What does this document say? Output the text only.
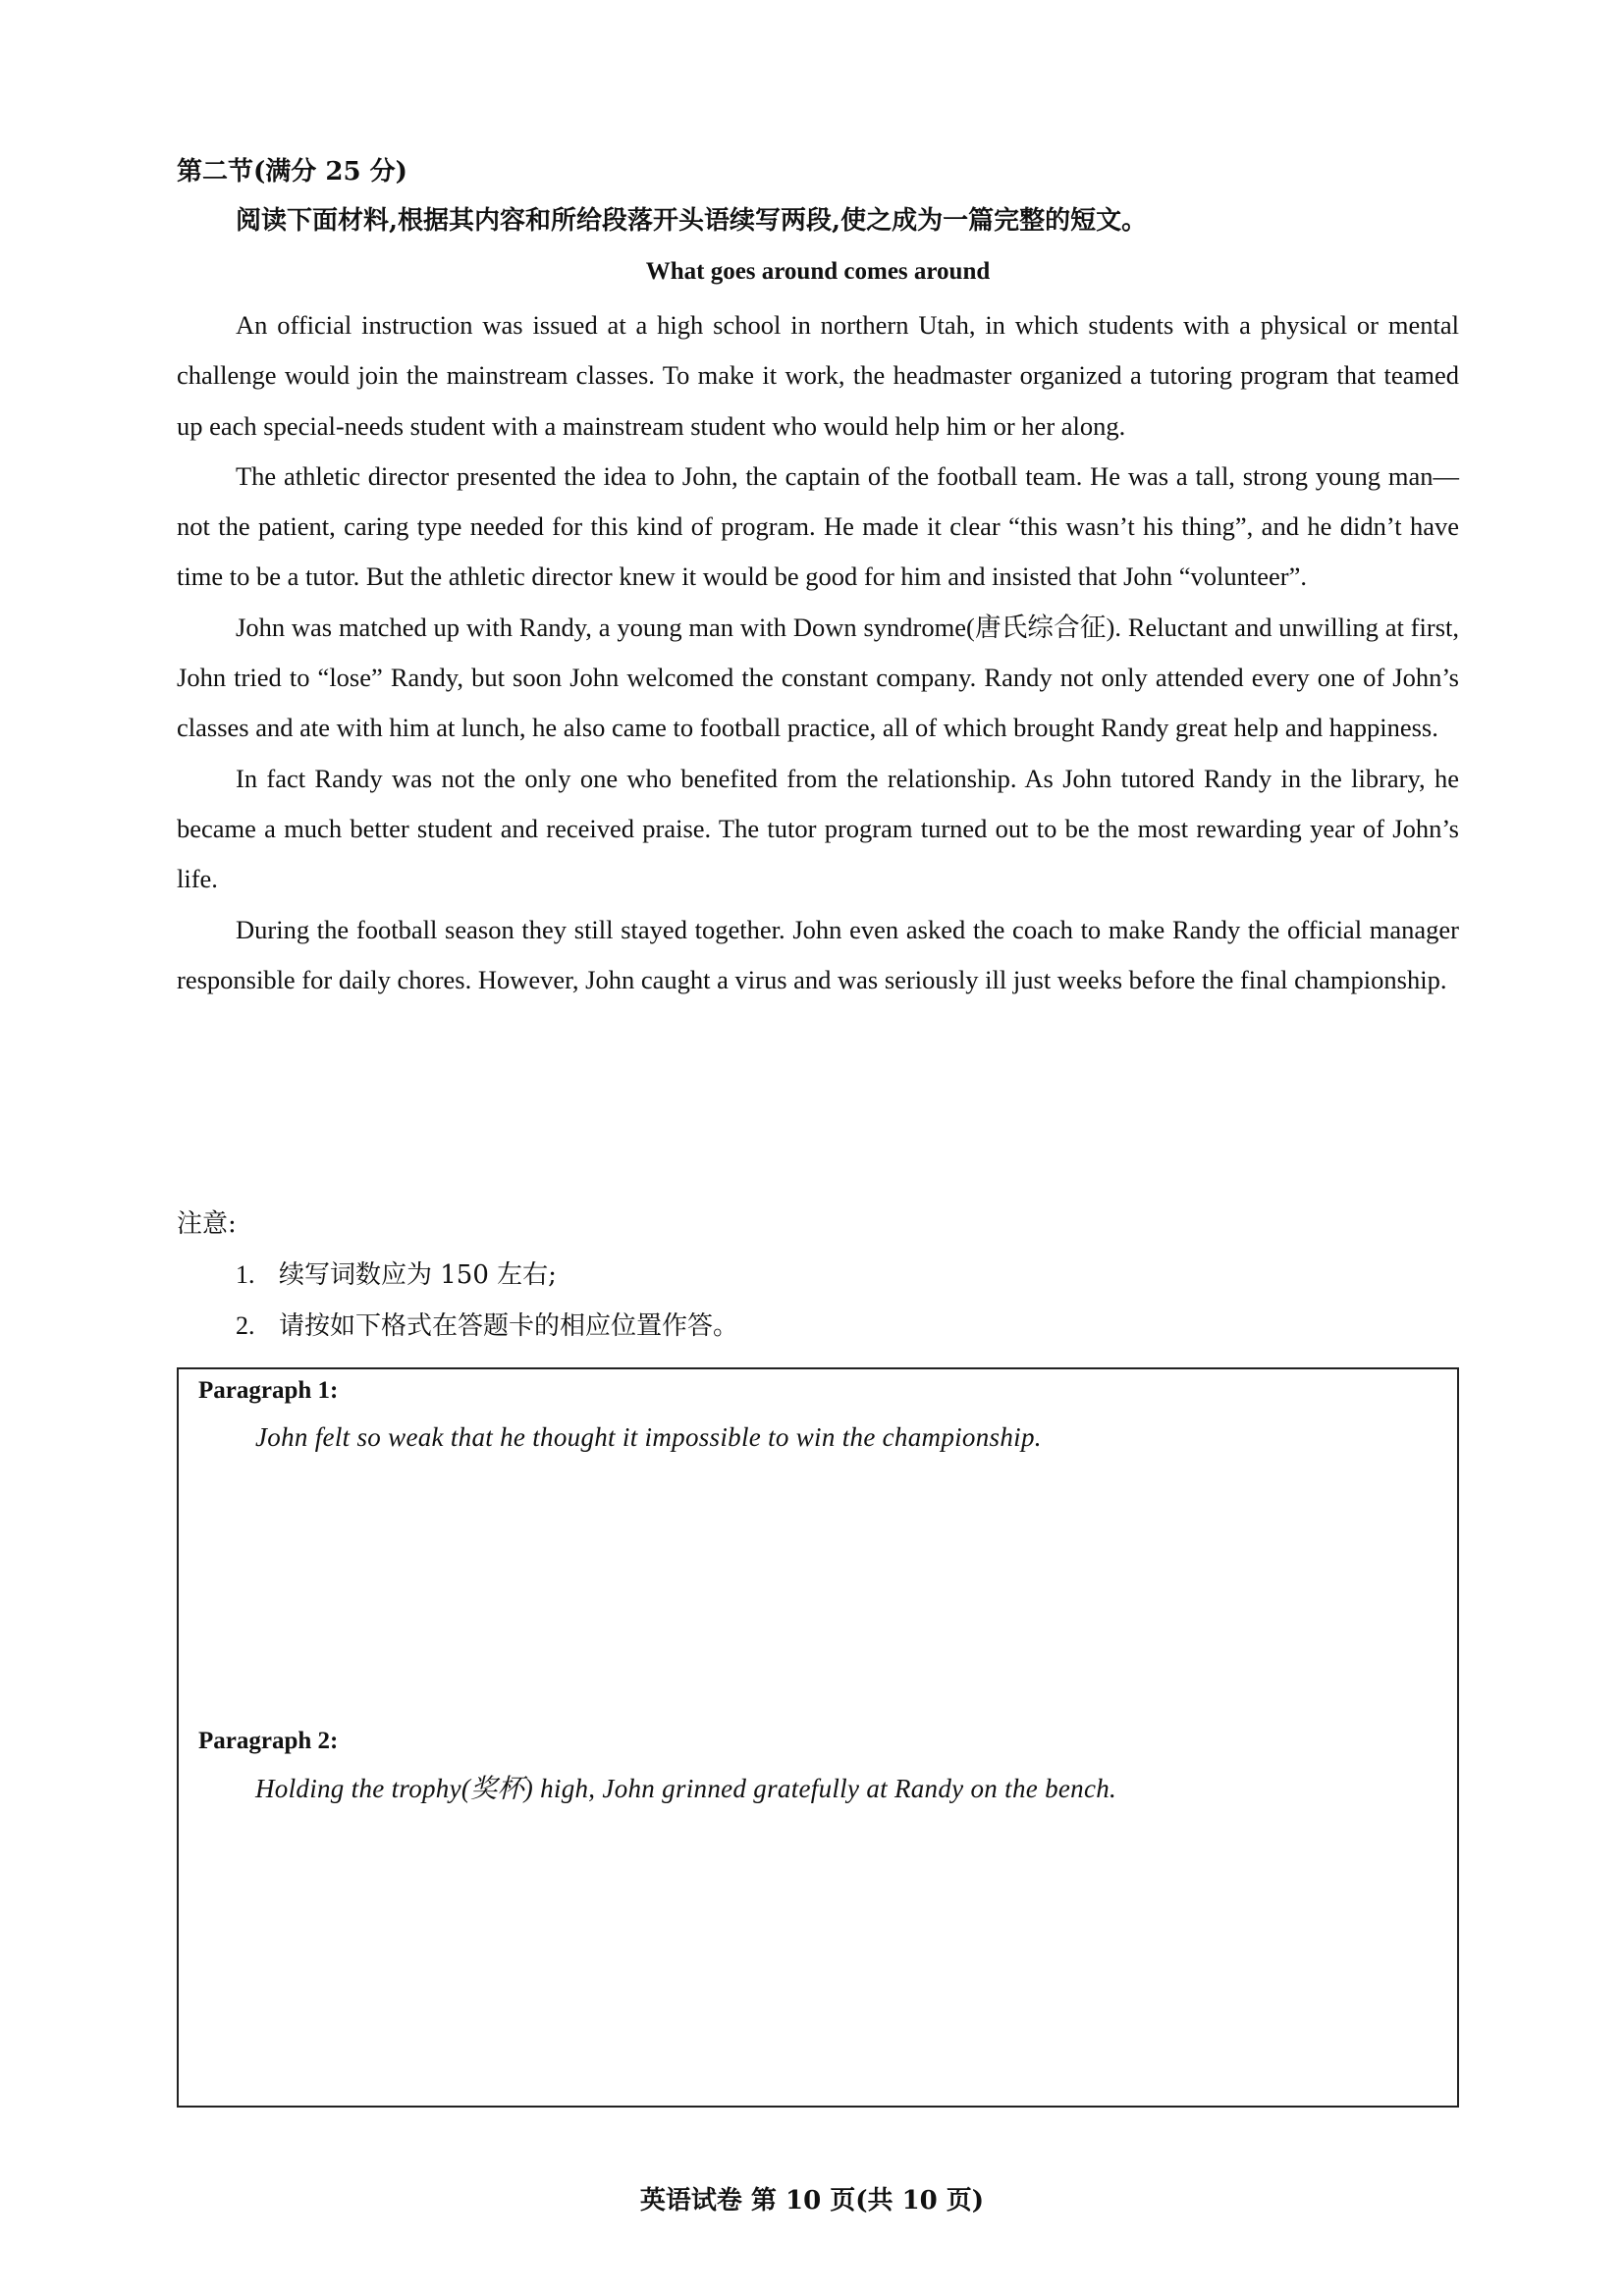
第二节(满分 25 分)
阅读下面材料,根据其内容和所给段落开头语续写两段,使之成为一篇完整的短文。
What goes around comes around

An official instruction was issued at a high school in northern Utah, in which students with a physical or mental challenge would join the mainstream classes. To make it work, the headmaster organized a tutoring program that teamed up each special-needs student with a mainstream student who would help him or her along.

The athletic director presented the idea to John, the captain of the football team. He was a tall, strong young man—not the patient, caring type needed for this kind of program. He made it clear “this wasn’t his thing”, and he didn’t have time to be a tutor. But the athletic director knew it would be good for him and insisted that John “volunteer”.

John was matched up with Randy, a young man with Down syndrome(唐氏综合征). Reluctant and unwilling at first, John tried to “lose” Randy, but soon John welcomed the constant company. Randy not only attended every one of John’s classes and ate with him at lunch, he also came to football practice, all of which brought Randy great help and happiness.

In fact Randy was not the only one who benefited from the relationship. As John tutored Randy in the library, he became a much better student and received praise. The tutor program turned out to be the most rewarding year of John’s life.

During the football season they still stayed together. John even asked the coach to make Randy the official manager responsible for daily chores. However, John caught a virus and was seriously ill just weeks before the final championship.

注意:
1. 续写词数应为 150 左右;
2. 请按如下格式在答题卡的相应位置作答。
Paragraph 1:
John felt so weak that he thought it impossible to win the championship.
Paragraph 2:
Holding the trophy(奖杯) high, John grinned gratefully at Randy on the bench.
英语试卷 第 10 页(共 10 页)
